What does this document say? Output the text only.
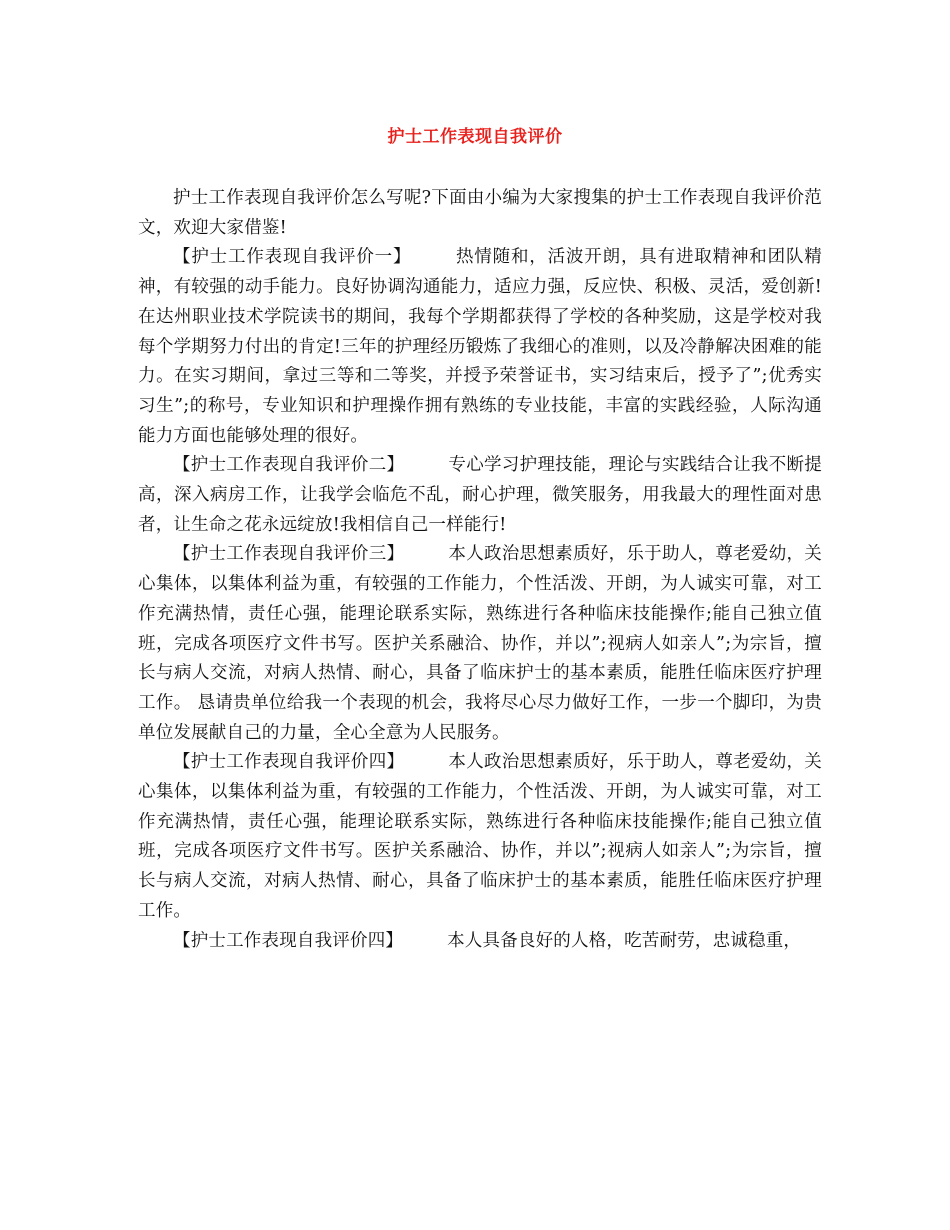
护士工作表现自我评价

护士工作表现自我评价怎么写呢?下面由小编为大家搜集的护士工作表现自我评价范文，欢迎大家借鉴!

【护士工作表现自我评价一】	热情随和，活波开朗，具有进取精神和团队精神，有较强的动手能力。良好协调沟通能力，适应力强，反应快、积极、灵活，爱创新!在达州职业技术学院读书的期间，我每个学期都获得了学校的各种奖励，这是学校对我每个学期努力付出的肯定!三年的护理经历锻炼了我细心的准则，以及冷静解决困难的能力。在实习期间，拿过三等和二等奖，并授予荣誉证书，实习结束后，授予了”;优秀实习生”;的称号，专业知识和护理操作拥有熟练的专业技能，丰富的实践经验，人际沟通能力方面也能够处理的很好。

【护士工作表现自我评价二】	专心学习护理技能，理论与实践结合让我不断提高，深入病房工作，让我学会临危不乱，耐心护理，微笑服务，用我最大的理性面对患者，让生命之花永远绽放!我相信自己一样能行!

【护士工作表现自我评价三】	本人政治思想素质好，乐于助人，尊老爱幼，关心集体，以集体利益为重，有较强的工作能力，个性活泼、开朗，为人诚实可靠，对工作充满热情，责任心强，能理论联系实际，熟练进行各种临床技能操作;能自己独立值班，完成各项医疗文件书写。医护关系融洽、协作，并以”;视病人如亲人”;为宗旨，擅长与病人交流，对病人热情、耐心，具备了临床护士的基本素质，能胜任临床医疗护理工作。 恳请贵单位给我一个表现的机会，我将尽心尽力做好工作，一步一个脚印，为贵单位发展献自己的力量，全心全意为人民服务。

【护士工作表现自我评价四】	本人政治思想素质好，乐于助人，尊老爱幼，关心集体，以集体利益为重，有较强的工作能力，个性活泼、开朗，为人诚实可靠，对工作充满热情，责任心强，能理论联系实际，熟练进行各种临床技能操作;能自己独立值班，完成各项医疗文件书写。医护关系融洽、协作，并以”;视病人如亲人”;为宗旨，擅长与病人交流，对病人热情、耐心，具备了临床护士的基本素质，能胜任临床医疗护理工作。

【护士工作表现自我评价四】	本人具备良好的人格，吃苦耐劳，忠诚稳重，
